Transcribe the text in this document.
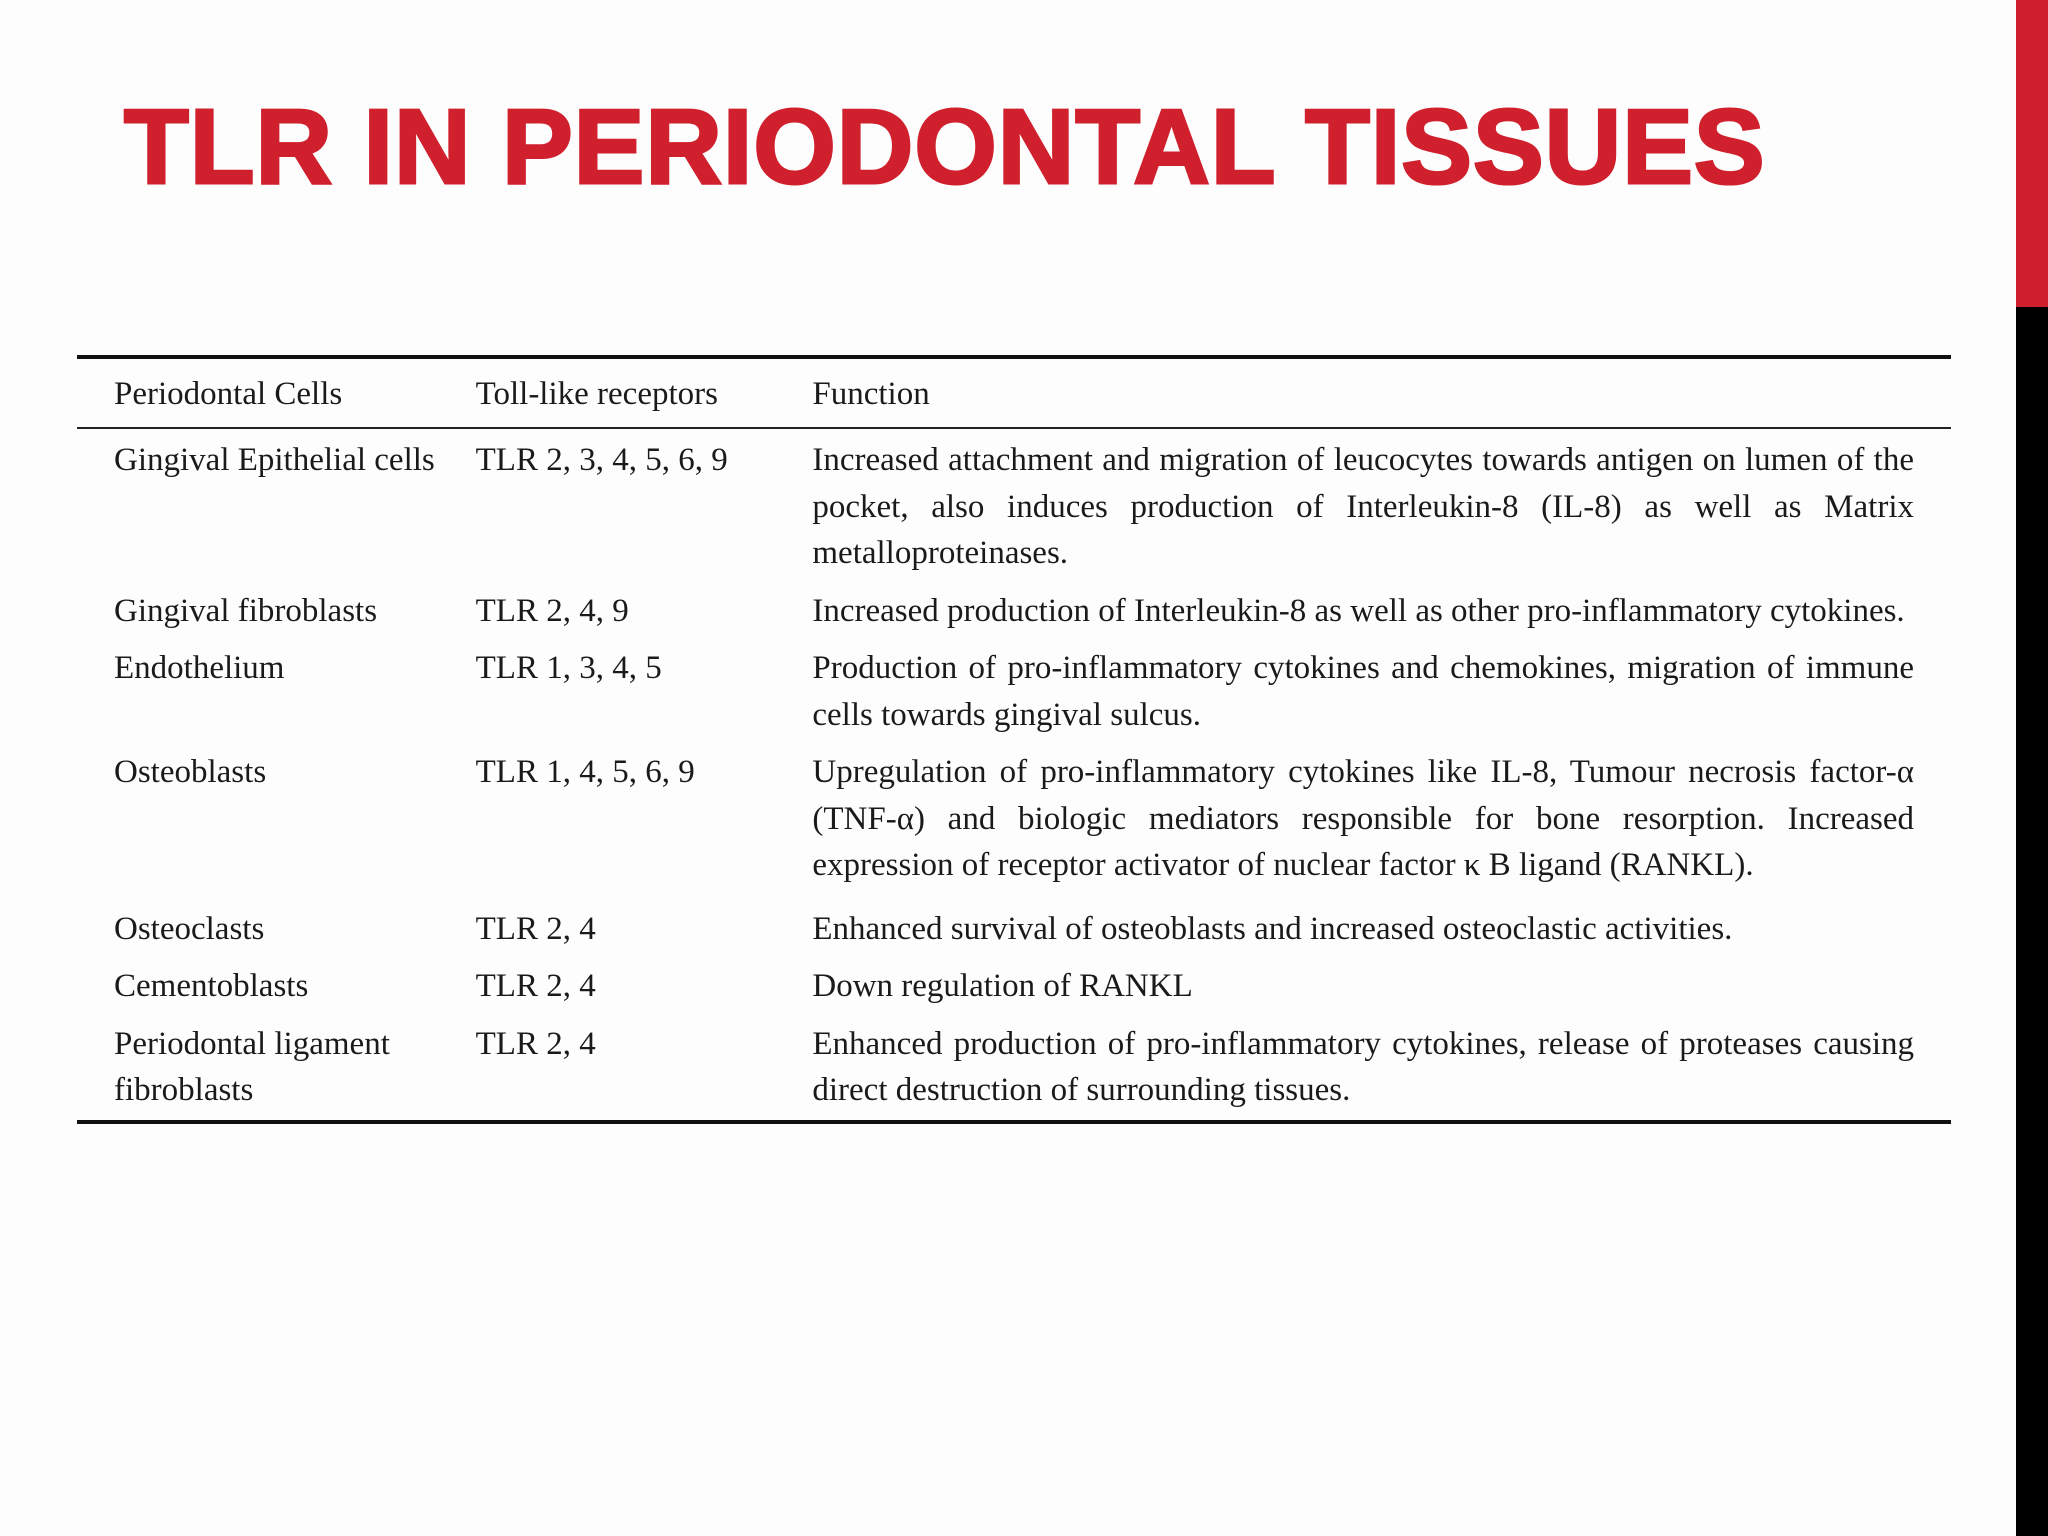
TLR IN PERIODONTAL TISSUES
Periodontal Cells	Toll-like receptors	Function
Gingival Epithelial cells	TLR 2, 3, 4, 5, 6, 9	Increased attachment and migration of leucocytes towards antigen on lumen of the pocket, also induces production of Interleukin-8 (IL-8) as well as Matrix metalloproteinases.
Gingival fibroblasts	TLR 2, 4, 9	Increased production of Interleukin-8 as well as other pro-inflammatory cytokines.
Endothelium	TLR 1, 3, 4, 5	Production of pro-inflammatory cytokines and chemokines, migration of immune cells towards gingival sulcus.
Osteoblasts	TLR 1, 4, 5, 6, 9	Upregulation of pro-inflammatory cytokines like IL-8, Tumour necrosis factor-α (TNF-α) and biologic mediators responsible for bone resorption. Increased expression of receptor activator of nuclear factor κ B ligand (RANKL).
Osteoclasts	TLR 2, 4	Enhanced survival of osteoblasts and increased osteoclastic activities.
Cementoblasts	TLR 2, 4	Down regulation of RANKL
Periodontal ligament fibroblasts	TLR 2, 4	Enhanced production of pro-inflammatory cytokines, release of proteases causing direct destruction of surrounding tissues.
